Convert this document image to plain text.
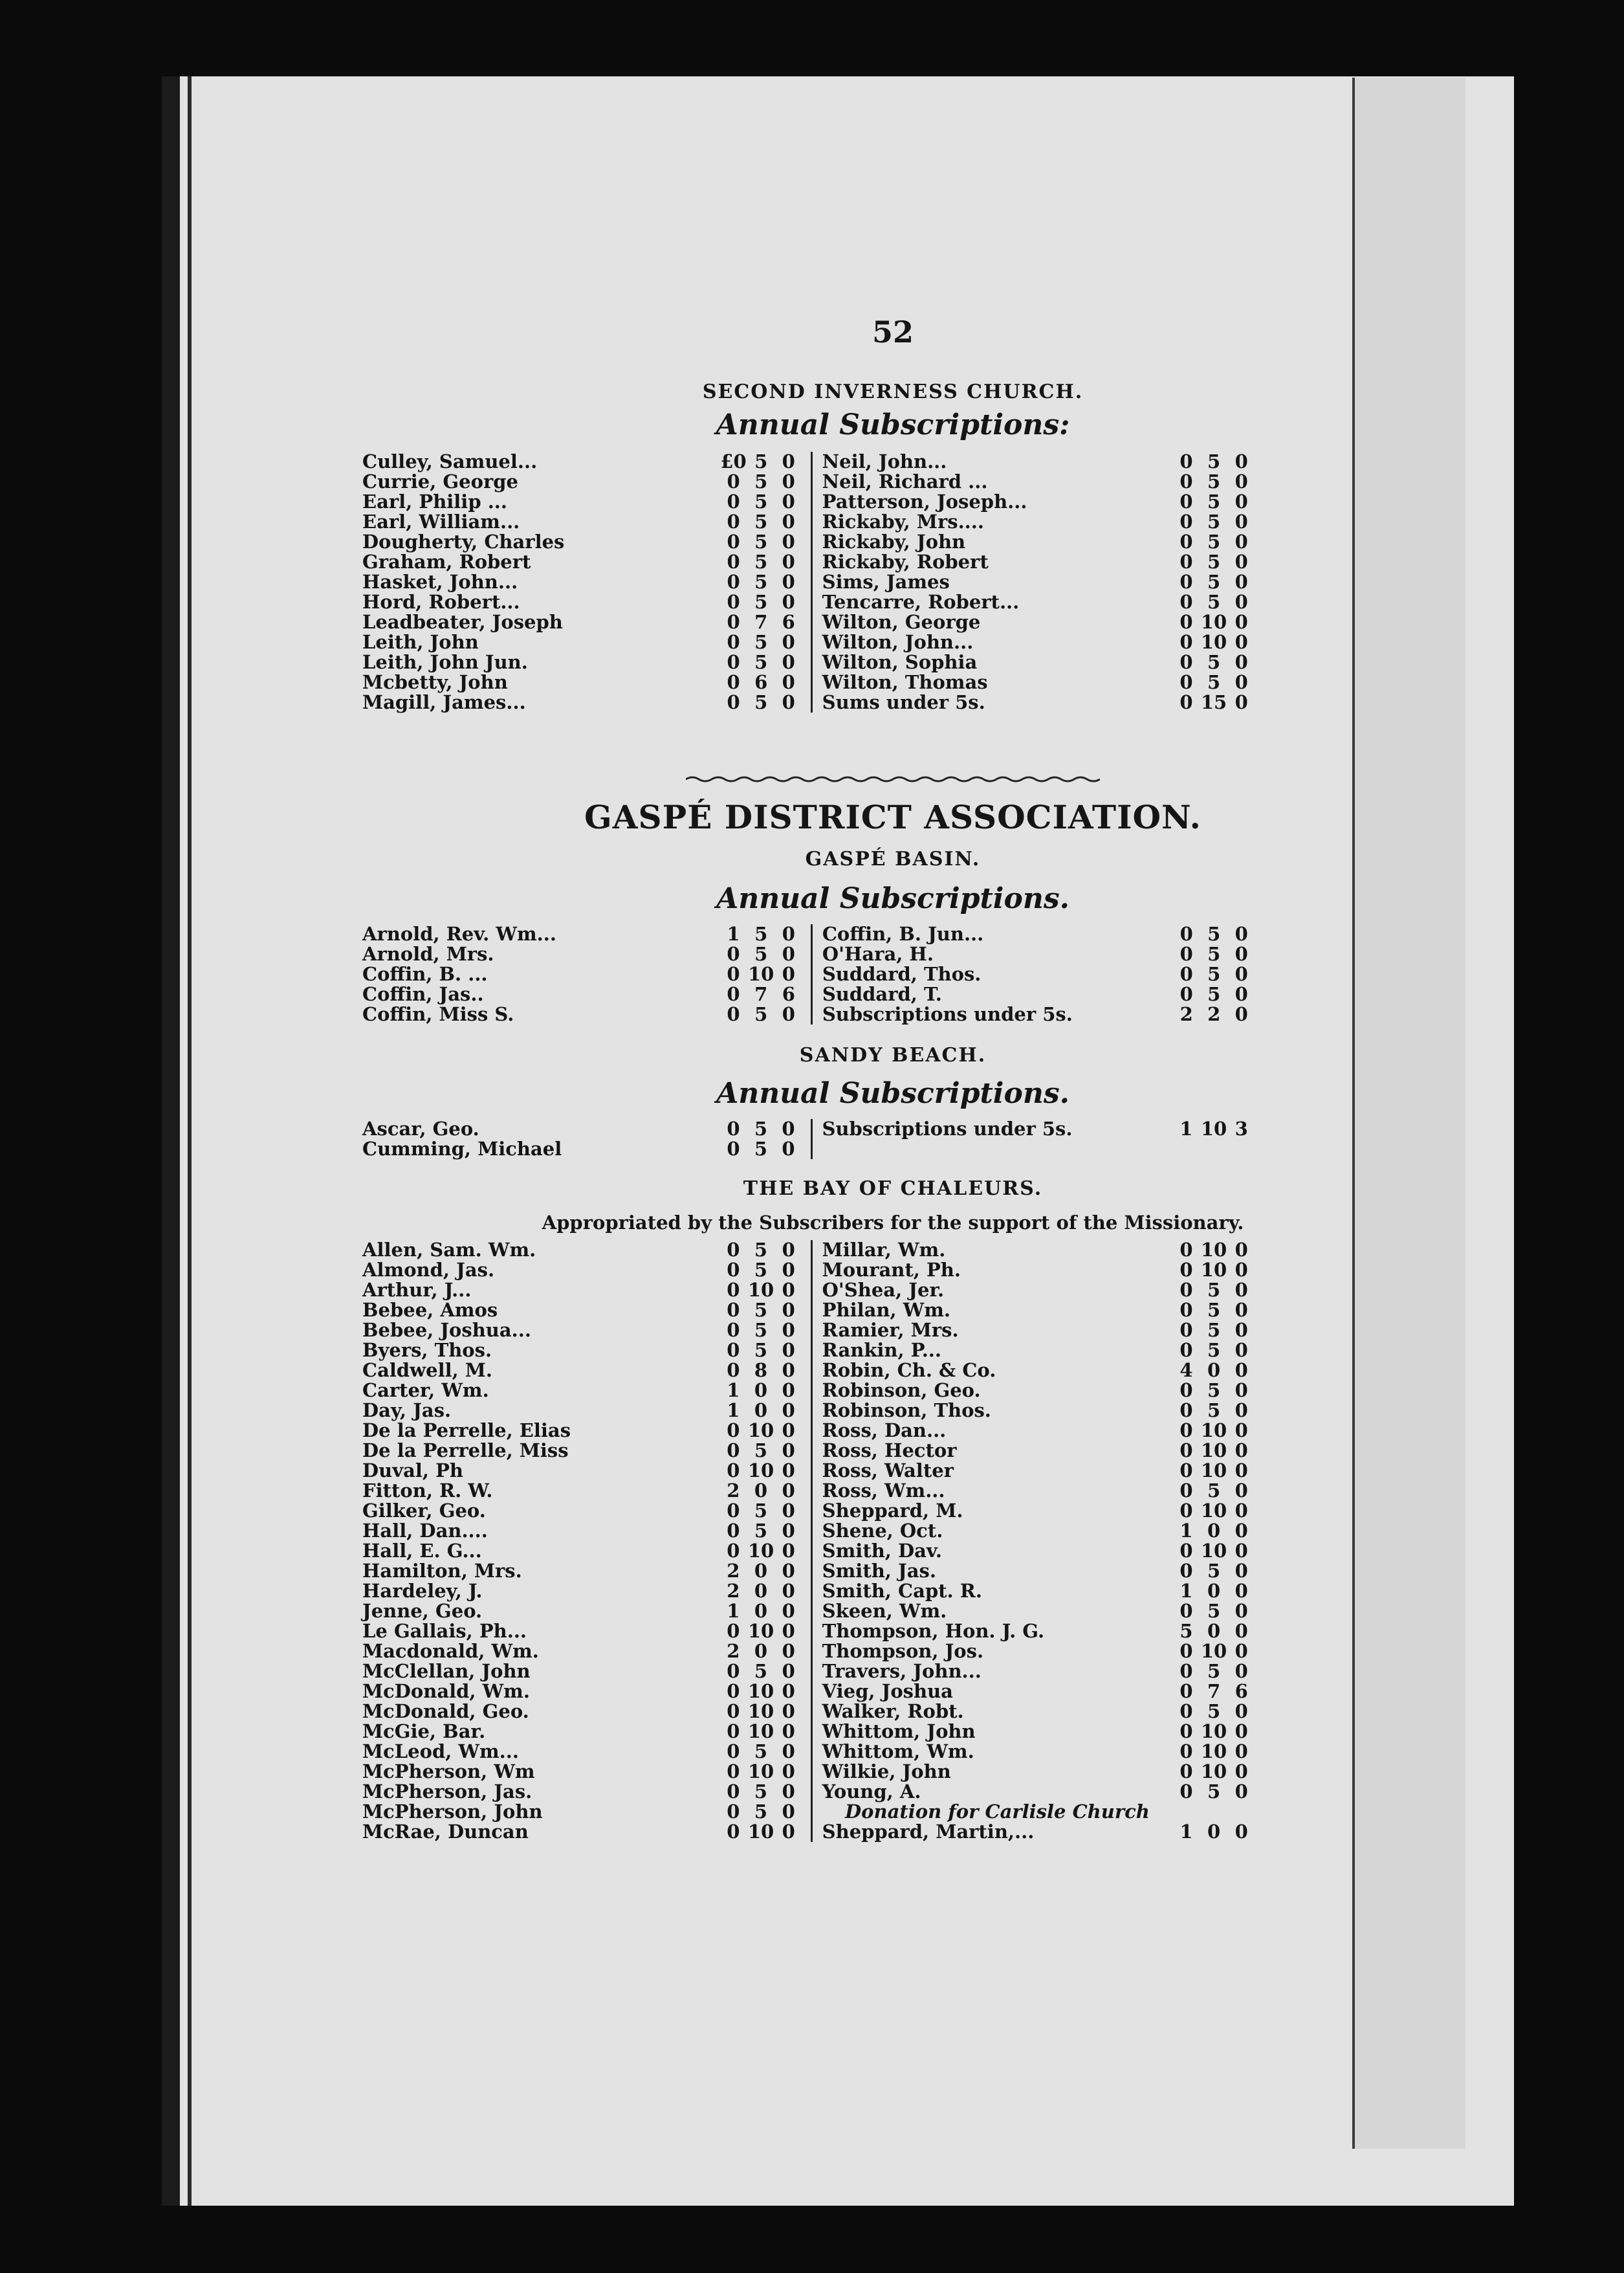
52
SECOND INVERNESS CHURCH.
Annual Subscriptions:
Culley, Samuel...	£0	5	0			Neil, John...	0	5	0
Currie, George	0	5	0			Neil, Richard ...	0	5	0
Earl, Philip ...	0	5	0			Patterson, Joseph...	0	5	0
Earl, William...	0	5	0			Rickaby, Mrs....	0	5	0
Dougherty, Charles	0	5	0			Rickaby, John	0	5	0
Graham, Robert	0	5	0			Rickaby, Robert	0	5	0
Hasket, John...	0	5	0			Sims, James	0	5	0
Hord, Robert...	0	5	0			Tencarre, Robert...	0	5	0
Leadbeater, Joseph	0	7	6			Wilton, George	0	10	0
Leith, John	0	5	0			Wilton, John...	0	10	0
Leith, John Jun.	0	5	0			Wilton, Sophia	0	5	0
Mcbetty, John	0	6	0			Wilton, Thomas	0	5	0
Magill, James...	0	5	0			Sums under 5s.	0	15	0
GASPÉ DISTRICT ASSOCIATION.
GASPÉ BASIN.
Annual Subscriptions.
Arnold, Rev. Wm...	1	5	0			Coffin, B. Jun...	0	5	0
Arnold, Mrs.	0	5	0			O'Hara, H.	0	5	0
Coffin, B. ...	0	10	0			Suddard, Thos.	0	5	0
Coffin, Jas..	0	7	6			Suddard, T.	0	5	0
Coffin, Miss S.	0	5	0			Subscriptions under 5s.	2	2	0
SANDY BEACH.
Annual Subscriptions.
Ascar, Geo.	0	5	0			Subscriptions under 5s.	1	10	3
Cumming, Michael	0	5	0						
THE BAY OF CHALEURS.
Appropriated by the Subscribers for the support of the Missionary.
Allen, Sam. Wm.	0	5	0			Millar, Wm.	0	10	0
Almond, Jas.	0	5	0			Mourant, Ph.	0	10	0
Arthur, J...	0	10	0			O'Shea, Jer.	0	5	0
Bebee, Amos	0	5	0			Philan, Wm.	0	5	0
Bebee, Joshua...	0	5	0			Ramier, Mrs.	0	5	0
Byers, Thos.	0	5	0			Rankin, P...	0	5	0
Caldwell, M.	0	8	0			Robin, Ch. & Co.	4	0	0
Carter, Wm.	1	0	0			Robinson, Geo.	0	5	0
Day, Jas.	1	0	0			Robinson, Thos.	0	5	0
De la Perrelle, Elias	0	10	0			Ross, Dan...	0	10	0
De la Perrelle, Miss	0	5	0			Ross, Hector	0	10	0
Duval, Ph	0	10	0			Ross, Walter	0	10	0
Fitton, R. W.	2	0	0			Ross, Wm...	0	5	0
Gilker, Geo.	0	5	0			Sheppard, M.	0	10	0
Hall, Dan....	0	5	0			Shene, Oct.	1	0	0
Hall, E. G...	0	10	0			Smith, Dav.	0	10	0
Hamilton, Mrs.	2	0	0			Smith, Jas.	0	5	0
Hardeley, J.	2	0	0			Smith, Capt. R.	1	0	0
Jenne, Geo.	1	0	0			Skeen, Wm.	0	5	0
Le Gallais, Ph...	0	10	0			Thompson, Hon. J. G.	5	0	0
Macdonald, Wm.	2	0	0			Thompson, Jos.	0	10	0
McClellan, John	0	5	0			Travers, John...	0	5	0
McDonald, Wm.	0	10	0			Vieg, Joshua	0	7	6
McDonald, Geo.	0	10	0			Walker, Robt.	0	5	0
McGie, Bar.	0	10	0			Whittom, John	0	10	0
McLeod, Wm...	0	5	0			Whittom, Wm.	0	10	0
McPherson, Wm	0	10	0			Wilkie, John	0	10	0
McPherson, Jas.	0	5	0			Young, A.	0	5	0
McPherson, John	0	5	0			Donation for Carlisle Church			
McRae, Duncan	0	10	0			Sheppard, Martin,...	1	0	0
